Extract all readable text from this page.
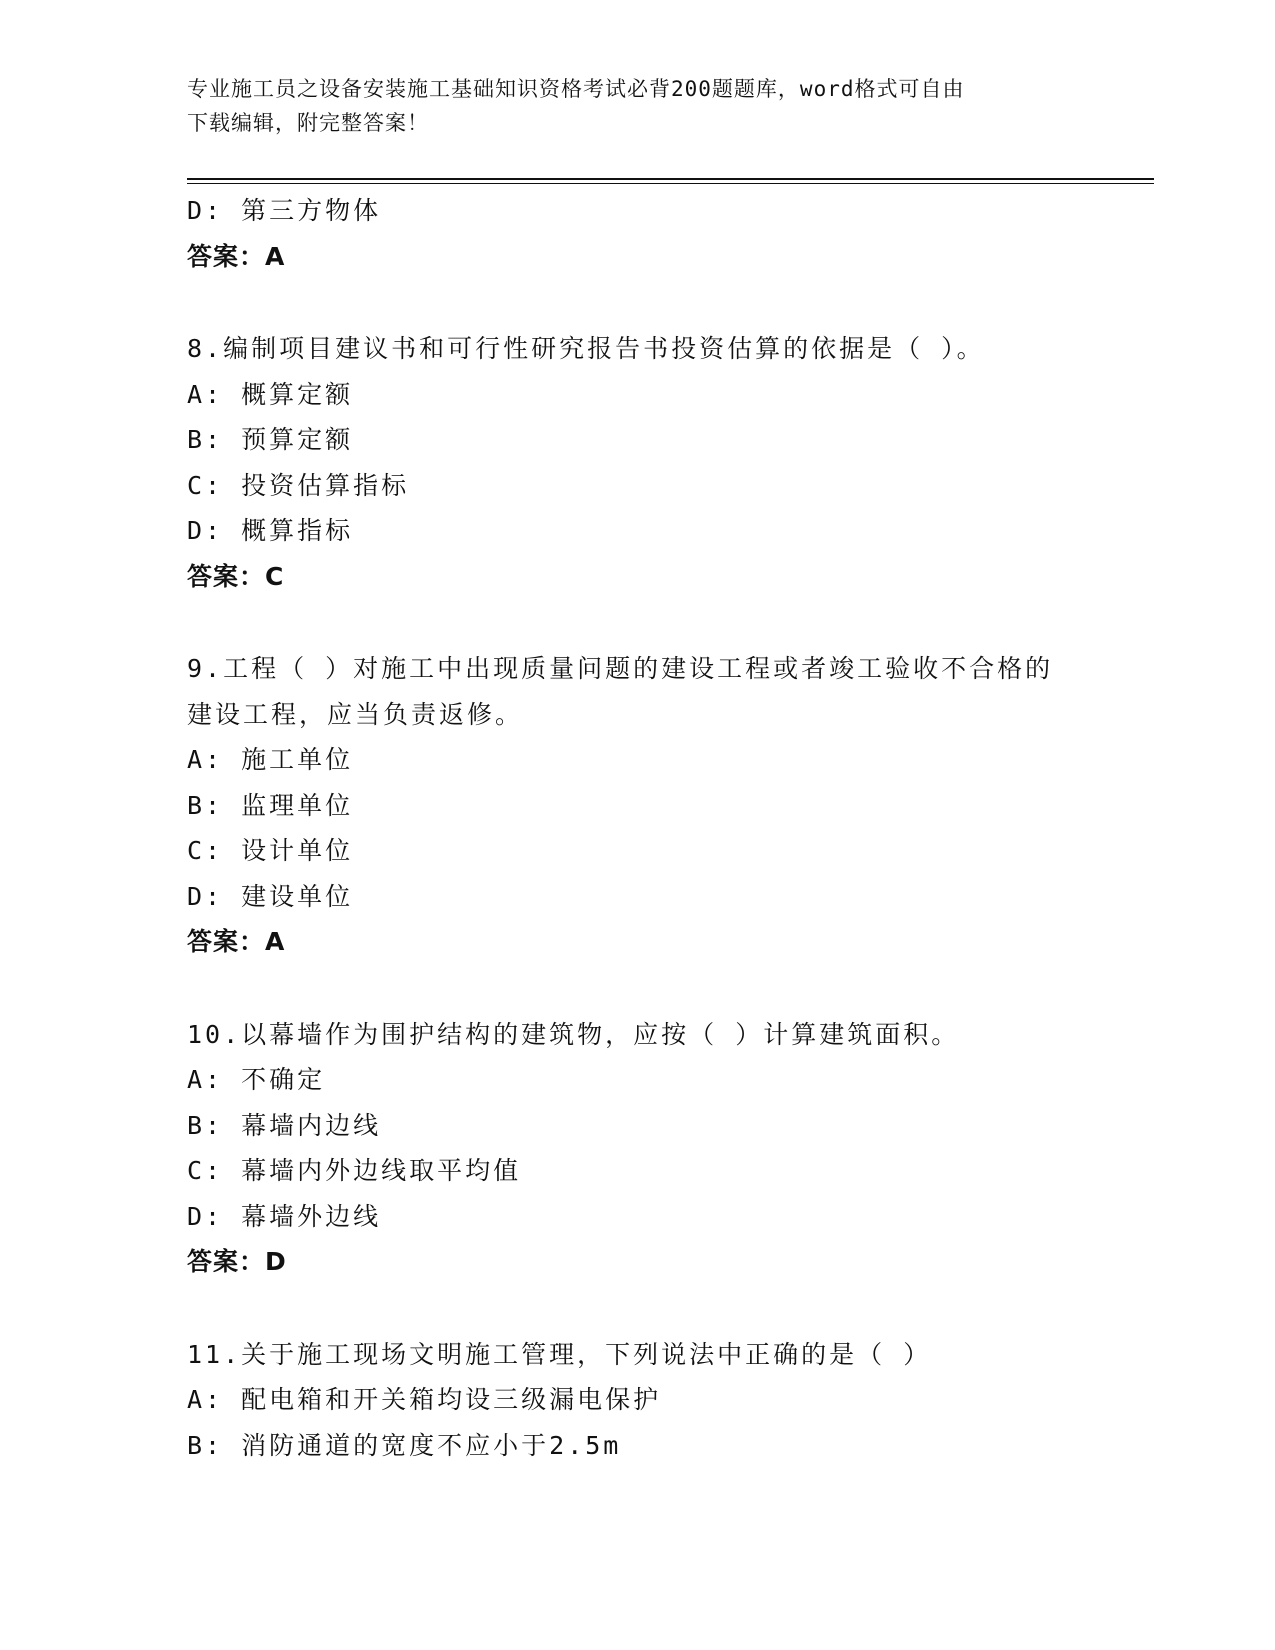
专业施工员之设备安装施工基础知识资格考试必背200题题库，word格式可自由
下载编辑，附完整答案！
D: 第三方物体
答案：A
8.编制项目建议书和可行性研究报告书投资估算的依据是（ ）。
A: 概算定额
B: 预算定额
C: 投资估算指标
D: 概算指标
答案：C
9.工程（ ）对施工中出现质量问题的建设工程或者竣工验收不合格的
建设工程，应当负责返修。
A: 施工单位
B: 监理单位
C: 设计单位
D: 建设单位
答案：A
10.以幕墙作为围护结构的建筑物，应按（ ）计算建筑面积。
A: 不确定
B: 幕墙内边线
C: 幕墙内外边线取平均值
D: 幕墙外边线
答案：D
11.关于施工现场文明施工管理，下列说法中正确的是（ ）
A: 配电箱和开关箱均设三级漏电保护
B: 消防通道的宽度不应小于2.5m
